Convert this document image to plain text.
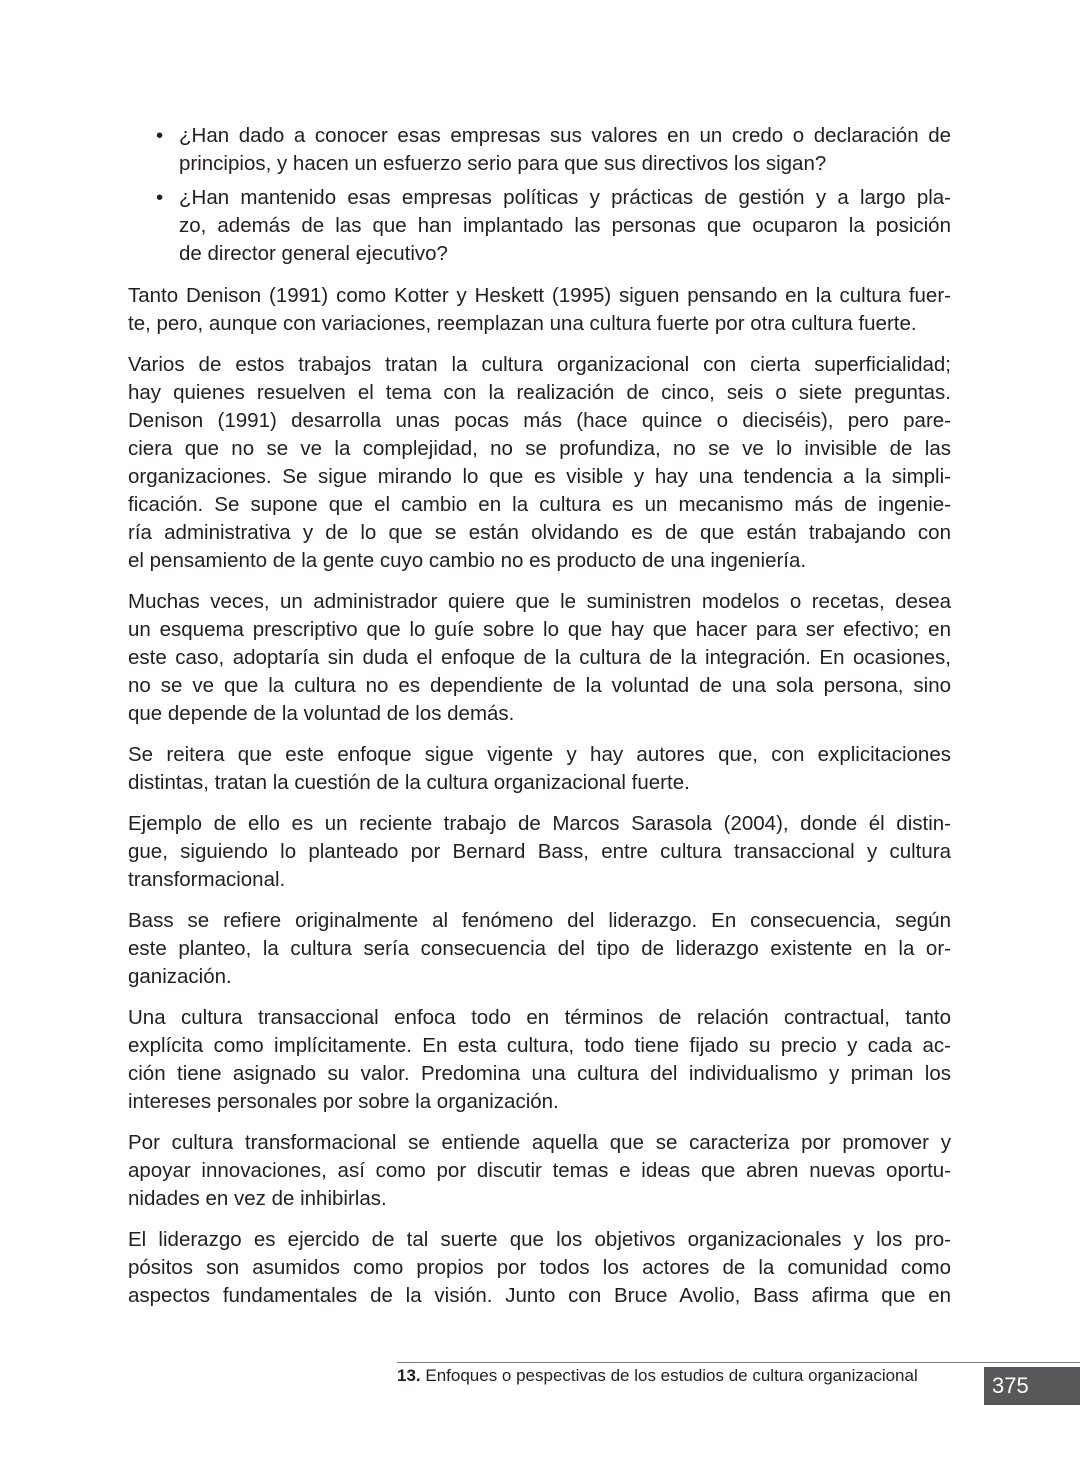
• ¿Han dado a conocer esas empresas sus valores en un credo o declaración de
principios, y hacen un esfuerzo serio para que sus directivos los sigan?
• ¿Han mantenido esas empresas políticas y prácticas de gestión y a largo pla-
zo, además de las que han implantado las personas que ocuparon la posición
de director general ejecutivo?
Tanto Denison (1991) como Kotter y Heskett (1995) siguen pensando en la cultura fuer-
te, pero, aunque con variaciones, reemplazan una cultura fuerte por otra cultura fuerte.
Varios de estos trabajos tratan la cultura organizacional con cierta superficialidad;
hay quienes resuelven el tema con la realización de cinco, seis o siete preguntas.
Denison (1991) desarrolla unas pocas más (hace quince o dieciséis), pero pare-
ciera que no se ve la complejidad, no se profundiza, no se ve lo invisible de las
organizaciones. Se sigue mirando lo que es visible y hay una tendencia a la simpli-
ficación. Se supone que el cambio en la cultura es un mecanismo más de ingenie-
ría administrativa y de lo que se están olvidando es de que están trabajando con
el pensamiento de la gente cuyo cambio no es producto de una ingeniería.
Muchas veces, un administrador quiere que le suministren modelos o recetas, desea
un esquema prescriptivo que lo guíe sobre lo que hay que hacer para ser efectivo; en
este caso, adoptaría sin duda el enfoque de la cultura de la integración. En ocasiones,
no se ve que la cultura no es dependiente de la voluntad de una sola persona, sino
que depende de la voluntad de los demás.
Se reitera que este enfoque sigue vigente y hay autores que, con explicitaciones
distintas, tratan la cuestión de la cultura organizacional fuerte.
Ejemplo de ello es un reciente trabajo de Marcos Sarasola (2004), donde él distin-
gue, siguiendo lo planteado por Bernard Bass, entre cultura transaccional y cultura
transformacional.
Bass se refiere originalmente al fenómeno del liderazgo. En consecuencia, según
este planteo, la cultura sería consecuencia del tipo de liderazgo existente en la or-
ganización.
Una cultura transaccional enfoca todo en términos de relación contractual, tanto
explícita como implícitamente. En esta cultura, todo tiene fijado su precio y cada ac-
ción tiene asignado su valor. Predomina una cultura del individualismo y priman los
intereses personales por sobre la organización.
Por cultura transformacional se entiende aquella que se caracteriza por promover y
apoyar innovaciones, así como por discutir temas e ideas que abren nuevas oportu-
nidades en vez de inhibirlas.
El liderazgo es ejercido de tal suerte que los objetivos organizacionales y los pro-
pósitos son asumidos como propios por todos los actores de la comunidad como
aspectos fundamentales de la visión. Junto con Bruce Avolio, Bass afirma que en
13. Enfoques o pespectivas de los estudios de cultura organizacional	375
